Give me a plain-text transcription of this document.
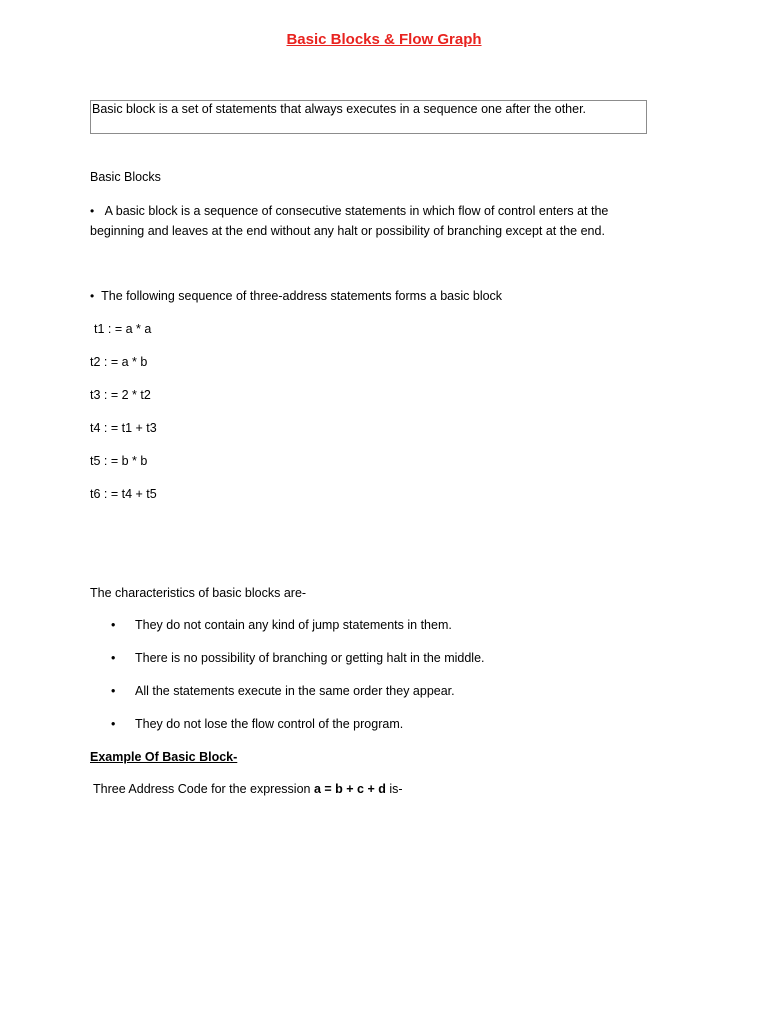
Basic Blocks & Flow Graph
Basic block is a set of statements that always executes in a sequence one after the other.
Basic Blocks
• A basic block is a sequence of consecutive statements in which flow of control enters at the beginning and leaves at the end without any halt or possibility of branching except at the end.
• The following sequence of three-address statements forms a basic block
t1 : = a * a
t2 : = a * b
t3 : = 2 * t2
t4 : = t1 + t3
t5 : = b * b
t6 : = t4 + t5
The characteristics of basic blocks are-
• They do not contain any kind of jump statements in them.
• There is no possibility of branching or getting halt in the middle.
• All the statements execute in the same order they appear.
• They do not lose the flow control of the program.
Example Of Basic Block-
Three Address Code for the expression a = b + c + d is-
